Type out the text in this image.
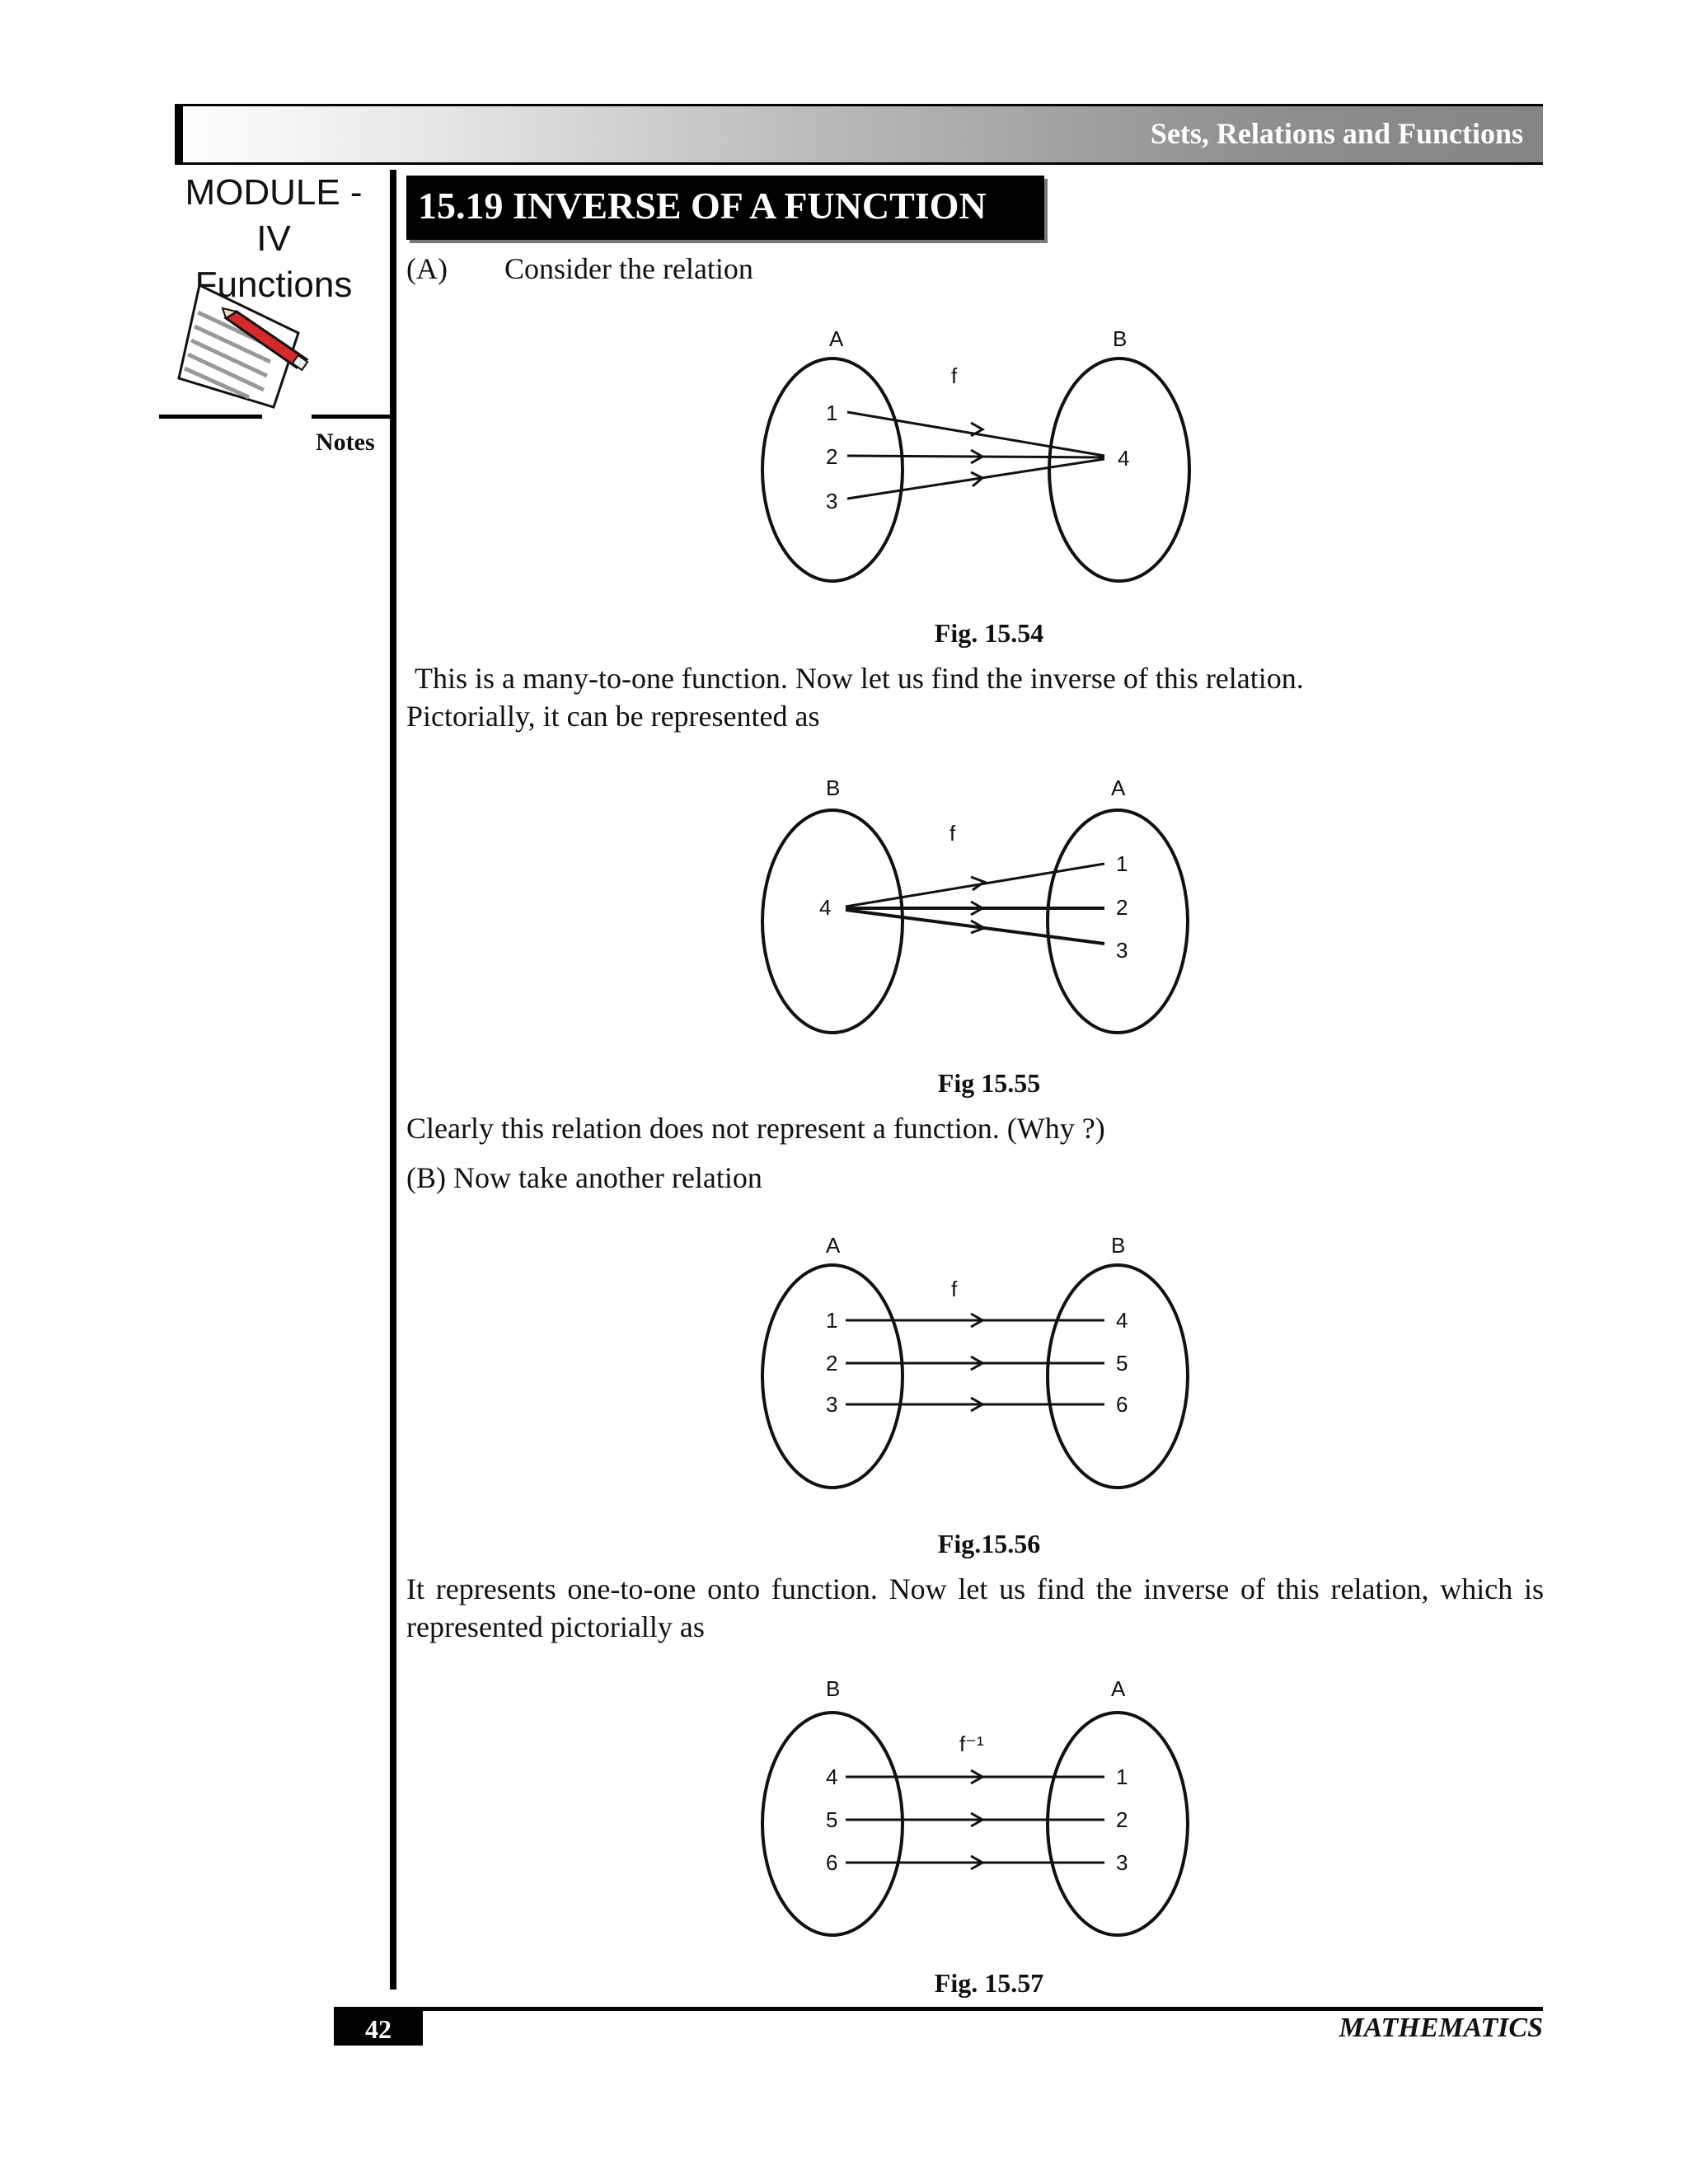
Sets, Relations and Functions
MODULE - IV
Functions
Notes
15.19 INVERSE OF A FUNCTION
(A) Consider the relation
A	B
f
1
2
3
4
Fig. 15.54
This is a many-to-one function. Now let us find the inverse of this relation.
Pictorially, it can be represented as
B	A
f
4
1
2
3
Fig 15.55
Clearly this relation does not represent a function. (Why ?)
(B) Now take another relation
A	B
f
1
2
3
4
5
6
Fig.15.56
It represents one-to-one onto function. Now let us find the inverse of this relation, which is
represented pictorially as
B	A
f⁻¹
4
5
6
1
2
3
Fig. 15.57
42	MATHEMATICS
